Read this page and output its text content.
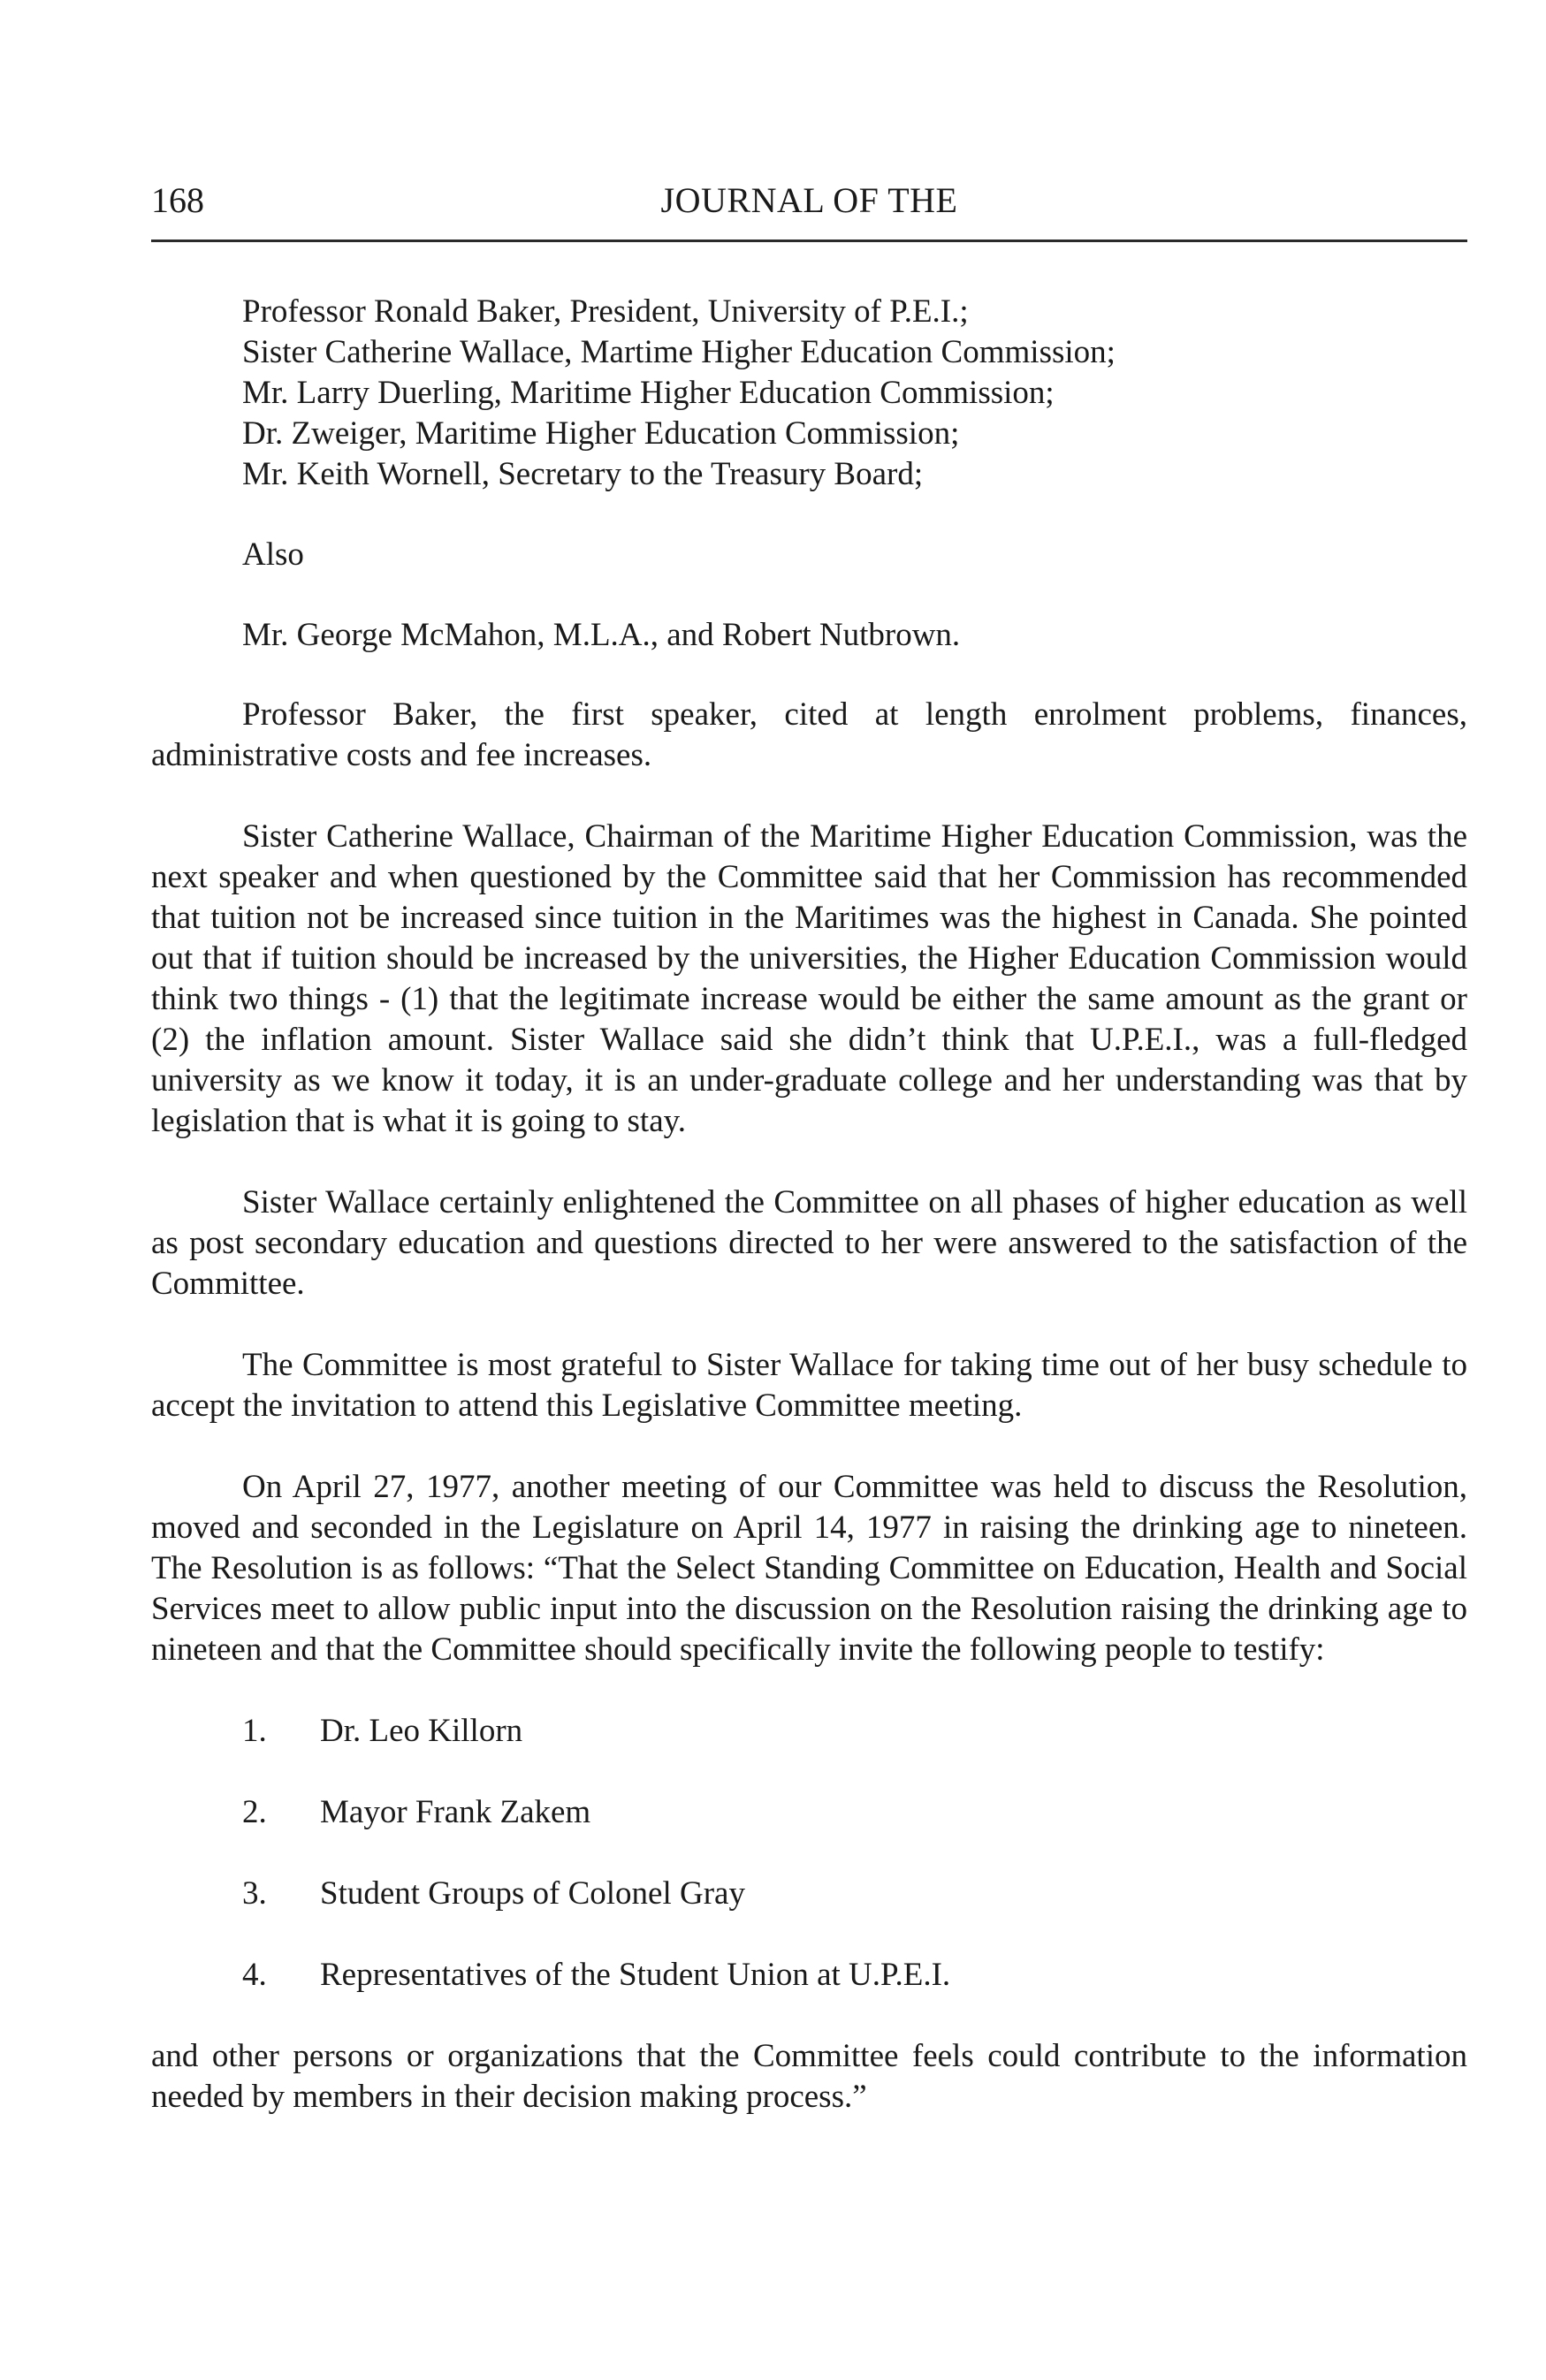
168	JOURNAL OF THE
Professor Ronald Baker, President, University of P.E.I.;
Sister Catherine Wallace, Martime Higher Education Commission;
Mr. Larry Duerling, Maritime Higher Education Commission;
Dr. Zweiger, Maritime Higher Education Commission;
Mr. Keith Wornell, Secretary to the Treasury Board;
Also
Mr. George McMahon, M.L.A., and Robert Nutbrown.

Professor Baker, the first speaker, cited at length enrolment problems, finances, administrative costs and fee increases.

Sister Catherine Wallace, Chairman of the Maritime Higher Education Commission, was the next speaker and when questioned by the Committee said that her Commission has recommended that tuition not be increased since tuition in the Maritimes was the highest in Canada. She pointed out that if tuition should be increased by the universities, the Higher Education Commission would think two things - (1) that the legitimate increase would be either the same amount as the grant or (2) the inflation amount. Sister Wallace said she didn’t think that U.P.E.I., was a full-fledged university as we know it today, it is an under-graduate college and her understanding was that by legislation that is what it is going to stay.

Sister Wallace certainly enlightened the Committee on all phases of higher education as well as post secondary education and questions directed to her were answered to the satisfaction of the Committee.

The Committee is most grateful to Sister Wallace for taking time out of her busy schedule to accept the invitation to attend this Legislative Committee meeting.

On April 27, 1977, another meeting of our Committee was held to discuss the Resolution, moved and seconded in the Legislature on April 14, 1977 in raising the drinking age to nineteen. The Resolution is as follows: “That the Select Standing Committee on Education, Health and Social Services meet to allow public input into the discussion on the Resolution raising the drinking age to nineteen and that the Committee should specifically invite the following people to testify:

1.	Dr. Leo Killorn
2.	Mayor Frank Zakem
3.	Student Groups of Colonel Gray
4.	Representatives of the Student Union at U.P.E.I.

and other persons or organizations that the Committee feels could contribute to the information needed by members in their decision making process.”
